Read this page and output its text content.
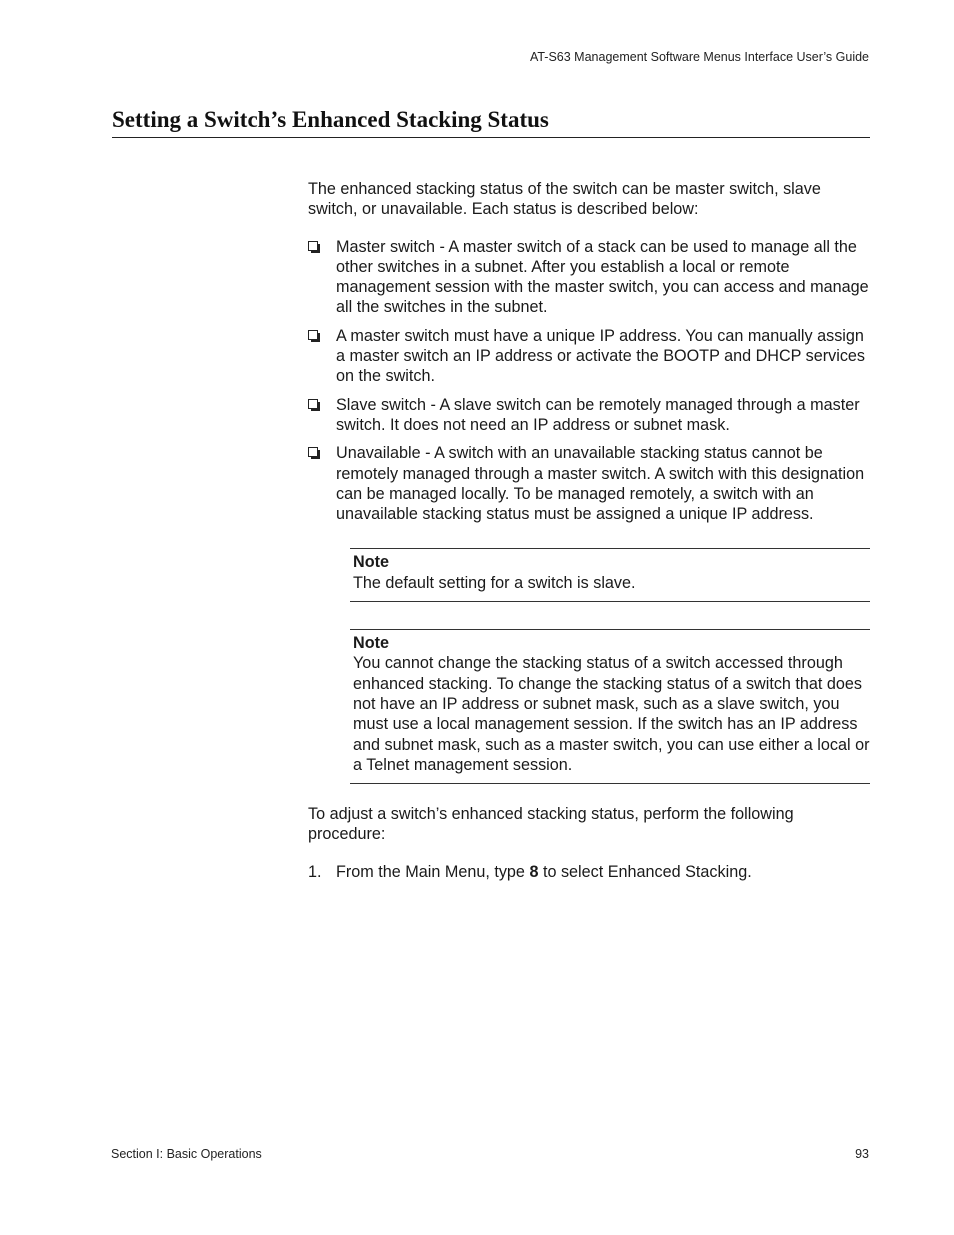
AT-S63 Management Software Menus Interface User’s Guide
Setting a Switch’s Enhanced Stacking Status

The enhanced stacking status of the switch can be master switch, slave switch, or unavailable. Each status is described below:

Master switch - A master switch of a stack can be used to manage all the other switches in a subnet. After you establish a local or remote management session with the master switch, you can access and manage all the switches in the subnet.
A master switch must have a unique IP address. You can manually assign a master switch an IP address or activate the BOOTP and DHCP services on the switch.
Slave switch - A slave switch can be remotely managed through a master switch. It does not need an IP address or subnet mask.
Unavailable - A switch with an unavailable stacking status cannot be remotely managed through a master switch. A switch with this designation can be managed locally. To be managed remotely, a switch with an unavailable stacking status must be assigned a unique IP address.
Note
The default setting for a switch is slave.
Note
You cannot change the stacking status of a switch accessed through enhanced stacking. To change the stacking status of a switch that does not have an IP address or subnet mask, such as a slave switch, you must use a local management session. If the switch has an IP address and subnet mask, such as a master switch, you can use either a local or a Telnet management session.

To adjust a switch’s enhanced stacking status, perform the following procedure:

1. From the Main Menu, type 8 to select Enhanced Stacking.
Section I: Basic Operations	93
